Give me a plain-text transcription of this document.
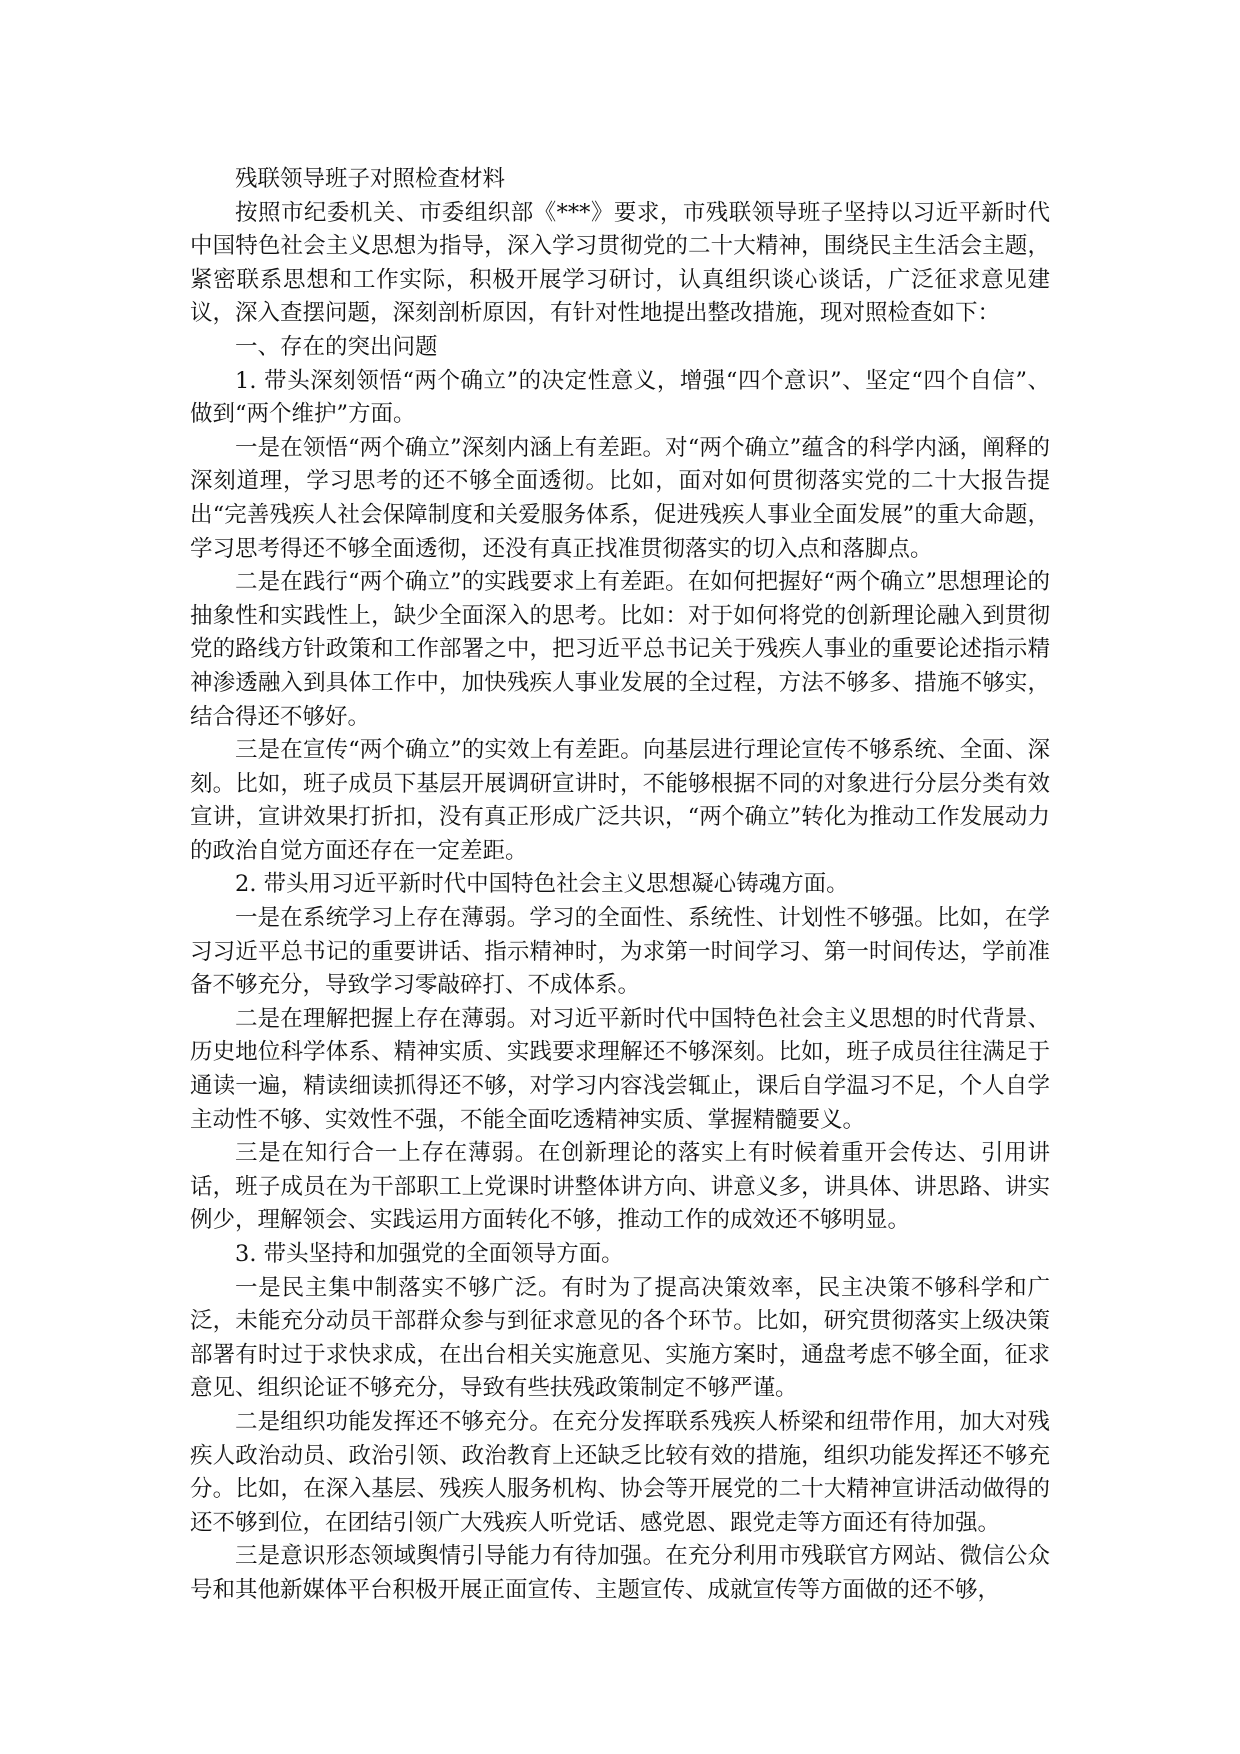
残联领导班子对照检查材料

按照市纪委机关、市委组织部《***》要求，市残联领导班子坚持以习近平新时代中国特色社会主义思想为指导，深入学习贯彻党的二十大精神，围绕民主生活会主题，紧密联系思想和工作实际，积极开展学习研讨，认真组织谈心谈话，广泛征求意见建议，深入查摆问题，深刻剖析原因，有针对性地提出整改措施，现对照检查如下：

一、存在的突出问题

1. 带头深刻领悟“两个确立”的决定性意义，增强“四个意识”、坚定“四个自信”、做到“两个维护”方面。

一是在领悟“两个确立”深刻内涵上有差距。对“两个确立”蕴含的科学内涵，阐释的深刻道理，学习思考的还不够全面透彻。比如，面对如何贯彻落实党的二十大报告提出“完善残疾人社会保障制度和关爱服务体系，促进残疾人事业全面发展”的重大命题，学习思考得还不够全面透彻，还没有真正找准贯彻落实的切入点和落脚点。

二是在践行“两个确立”的实践要求上有差距。在如何把握好“两个确立”思想理论的抽象性和实践性上，缺少全面深入的思考。比如：对于如何将党的创新理论融入到贯彻党的路线方针政策和工作部署之中，把习近平总书记关于残疾人事业的重要论述指示精神渗透融入到具体工作中，加快残疾人事业发展的全过程，方法不够多、措施不够实，结合得还不够好。

三是在宣传“两个确立”的实效上有差距。向基层进行理论宣传不够系统、全面、深刻。比如，班子成员下基层开展调研宣讲时，不能够根据不同的对象进行分层分类有效宣讲，宣讲效果打折扣，没有真正形成广泛共识，“两个确立”转化为推动工作发展动力的政治自觉方面还存在一定差距。

2. 带头用习近平新时代中国特色社会主义思想凝心铸魂方面。

一是在系统学习上存在薄弱。学习的全面性、系统性、计划性不够强。比如，在学习习近平总书记的重要讲话、指示精神时，为求第一时间学习、第一时间传达，学前准备不够充分，导致学习零敲碎打、不成体系。

二是在理解把握上存在薄弱。对习近平新时代中国特色社会主义思想的时代背景、历史地位科学体系、精神实质、实践要求理解还不够深刻。比如，班子成员往往满足于通读一遍，精读细读抓得还不够，对学习内容浅尝辄止，课后自学温习不足，个人自学主动性不够、实效性不强，不能全面吃透精神实质、掌握精髓要义。

三是在知行合一上存在薄弱。在创新理论的落实上有时候着重开会传达、引用讲话，班子成员在为干部职工上党课时讲整体讲方向、讲意义多，讲具体、讲思路、讲实例少，理解领会、实践运用方面转化不够，推动工作的成效还不够明显。

3. 带头坚持和加强党的全面领导方面。

一是民主集中制落实不够广泛。有时为了提高决策效率，民主决策不够科学和广泛，未能充分动员干部群众参与到征求意见的各个环节。比如，研究贯彻落实上级决策部署有时过于求快求成，在出台相关实施意见、实施方案时，通盘考虑不够全面，征求意见、组织论证不够充分，导致有些扶残政策制定不够严谨。

二是组织功能发挥还不够充分。在充分发挥联系残疾人桥梁和纽带作用，加大对残疾人政治动员、政治引领、政治教育上还缺乏比较有效的措施，组织功能发挥还不够充分。比如，在深入基层、残疾人服务机构、协会等开展党的二十大精神宣讲活动做得的还不够到位，在团结引领广大残疾人听党话、感党恩、跟党走等方面还有待加强。

三是意识形态领域舆情引导能力有待加强。在充分利用市残联官方网站、微信公众号和其他新媒体平台积极开展正面宣传、主题宣传、成就宣传等方面做的还不够，
